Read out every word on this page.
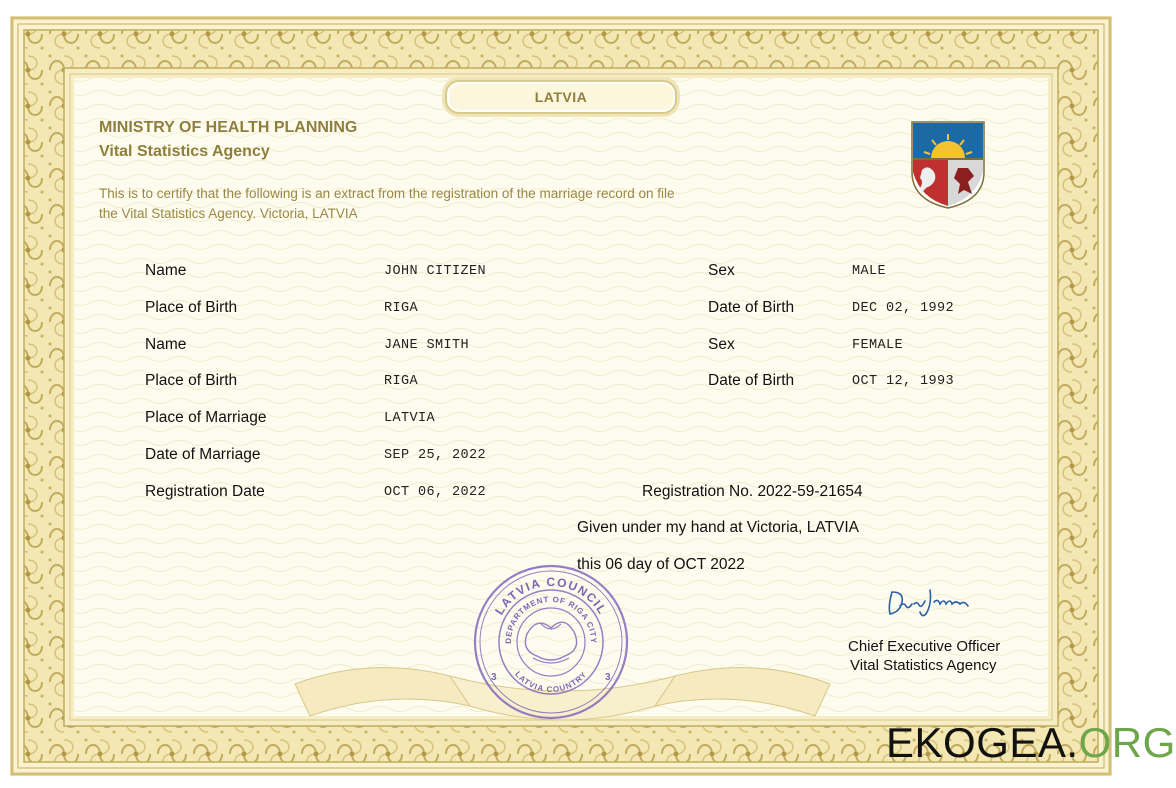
LATVIA
MINISTRY OF HEALTH PLANNING
Vital Statistics Agency
This is to certify that the following is an extract from the registration of the marriage record on file
the Vital Statistics Agency. Victoria, LATVIA
Name	JOHN CITIZEN	Sex	MALE
Place of Birth	RIGA	Date of Birth	DEC 02, 1992
Name	JANE SMITH	Sex	FEMALE
Place of Birth	RIGA	Date of Birth	OCT 12, 1993
Place of Marriage	LATVIA
Date of Marriage	SEP 25, 2022
Registration Date	OCT 06, 2022	Registration No. 2022-59-21654
Given under my hand at Victoria, LATVIA
this 06 day of OCT 2022
LATVIA COUNCIL
DEPARTMENT OF RIGA CITY
LATVIA COUNTRY
3	3
Chief Executive Officer
Vital Statistics Agency
EKOGEA.ORG
